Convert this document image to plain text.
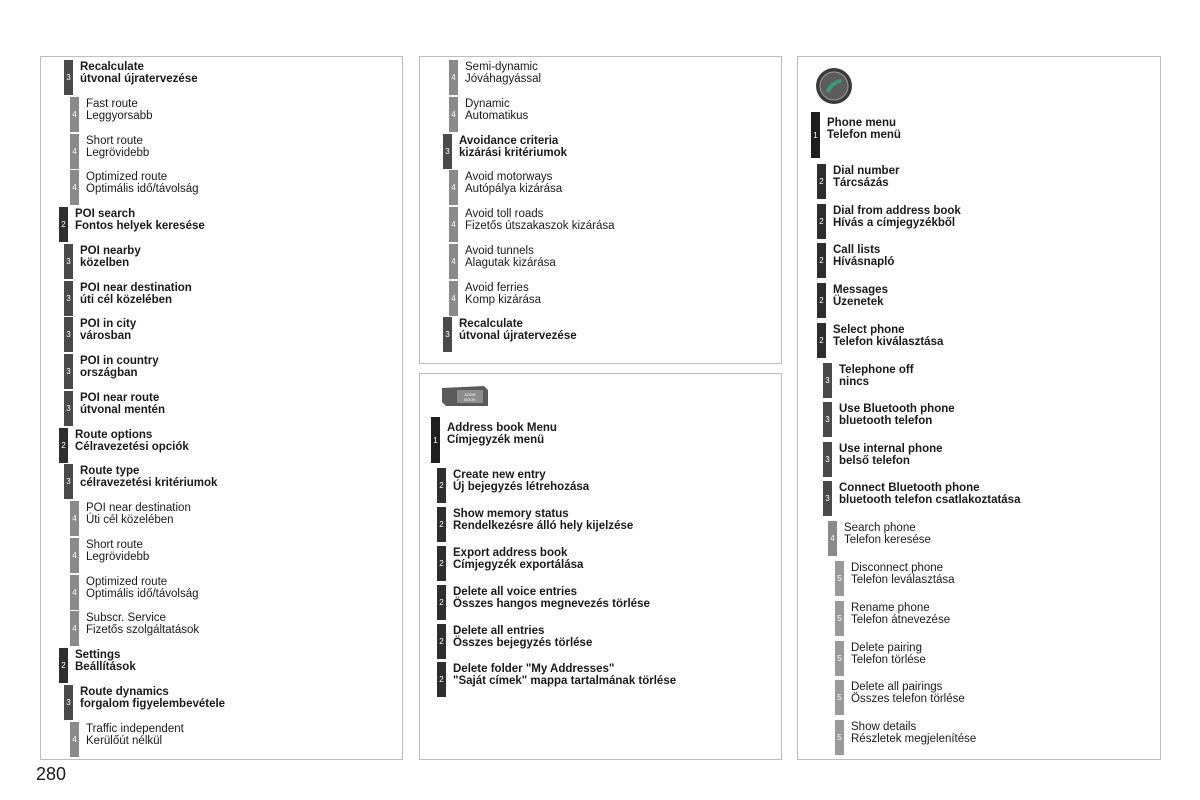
ADDR
BOOK
280
3
Recalculate
útvonal újratervezése
4
Fast route
Leggyorsabb
4
Short route
Legrövidebb
4
Optimized route
Optimális idő/távolság
2
POI search
Fontos helyek keresése
3
POI nearby
közelben
3
POI near destination
úti cél közelében
3
POI in city
városban
3
POI in country
országban
3
POI near route
útvonal mentén
2
Route options
Célravezetési opciók
3
Route type
célravezetési kritériumok
4
POI near destination
Úti cél közelében
4
Short route
Legrövidebb
4
Optimized route
Optimális idő/távolság
4
Subscr. Service
Fizetős szolgáltatások
2
Settings
Beállítások
3
Route dynamics
forgalom figyelembevétele
4
Traffic independent
Kerülőút nélkül
4
Semi-dynamic
Jóváhagyással
4
Dynamic
Automatikus
3
Avoidance criteria
kizárási kritériumok
4
Avoid motorways
Autópálya kizárása
4
Avoid toll roads
Fizetős útszakaszok kizárása
4
Avoid tunnels
Alagutak kizárása
4
Avoid ferries
Komp kizárása
3
Recalculate
útvonal újratervezése
1
Address book Menu
Címjegyzék menü
2
Create new entry
Új bejegyzés létrehozása
2
Show memory status
Rendelkezésre álló hely kijelzése
2
Export address book
Címjegyzék exportálása
2
Delete all voice entries
Összes hangos megnevezés törlése
2
Delete all entries
Összes bejegyzés törlése
2
Delete folder "My Addresses"
"Saját címek" mappa tartalmának törlése
1
Phone menu
Telefon menü
2
Dial number
Tárcsázás
2
Dial from address book
Hívás a címjegyzékből
2
Call lists
Hívásnapló
2
Messages
Üzenetek
2
Select phone
Telefon kiválasztása
3
Telephone off
nincs
3
Use Bluetooth phone
bluetooth telefon
3
Use internal phone
belső telefon
3
Connect Bluetooth phone
bluetooth telefon csatlakoztatása
4
Search phone
Telefon keresése
5
Disconnect phone
Telefon leválasztása
5
Rename phone
Telefon átnevezése
5
Delete pairing
Telefon törlése
5
Delete all pairings
Összes telefon törlése
5
Show details
Részletek megjelenítése
